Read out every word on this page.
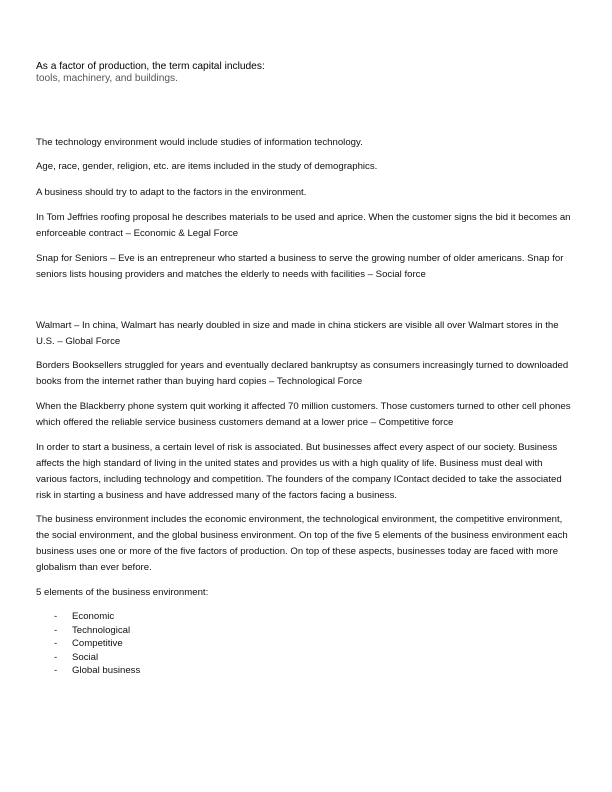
As a factor of production, the term capital includes:
tools, machinery, and buildings.

The technology environment would include studies of information technology.

Age, race, gender, religion, etc. are items included in the study of demographics.

A business should try to adapt to the factors in the environment.

In Tom Jeffries roofing proposal he describes materials to be used and aprice. When the customer signs the bid it becomes an enforceable contract – Economic & Legal Force

Snap for Seniors – Eve is an entrepreneur who started a business to serve the growing number of older americans. Snap for seniors lists housing providers and matches the elderly to needs with facilities – Social force

Walmart – In china, Walmart has nearly doubled in size and made in china stickers are visible all over Walmart stores in the U.S. – Global Force

Borders Booksellers struggled for years and eventually declared bankruptsy as consumers increasingly turned to downloaded books from the internet rather than buying hard copies – Technological Force

When the Blackberry phone system quit working it affected 70 million customers. Those customers turned to other cell phones which offered the reliable service business customers demand at a lower price – Competitive force

In order to start a business, a certain level of risk is associated. But businesses affect every aspect of our society. Business affects the high standard of living in the united states and provides us with a high quality of life. Business must deal with various factors, including technology and competition. The founders of the company IContact decided to take the associated risk in starting a business and have addressed many of the factors facing a business.

The business environment includes the economic environment, the technological environment, the competitive environment, the social environment, and the global business environment. On top of the five 5 elements of the business environment each business uses one or more of the five factors of production. On top of these aspects, businesses today are faced with more globalism than ever before.

5 elements of the business environment:

- Economic
- Technological
- Competitive
- Social
- Global business
